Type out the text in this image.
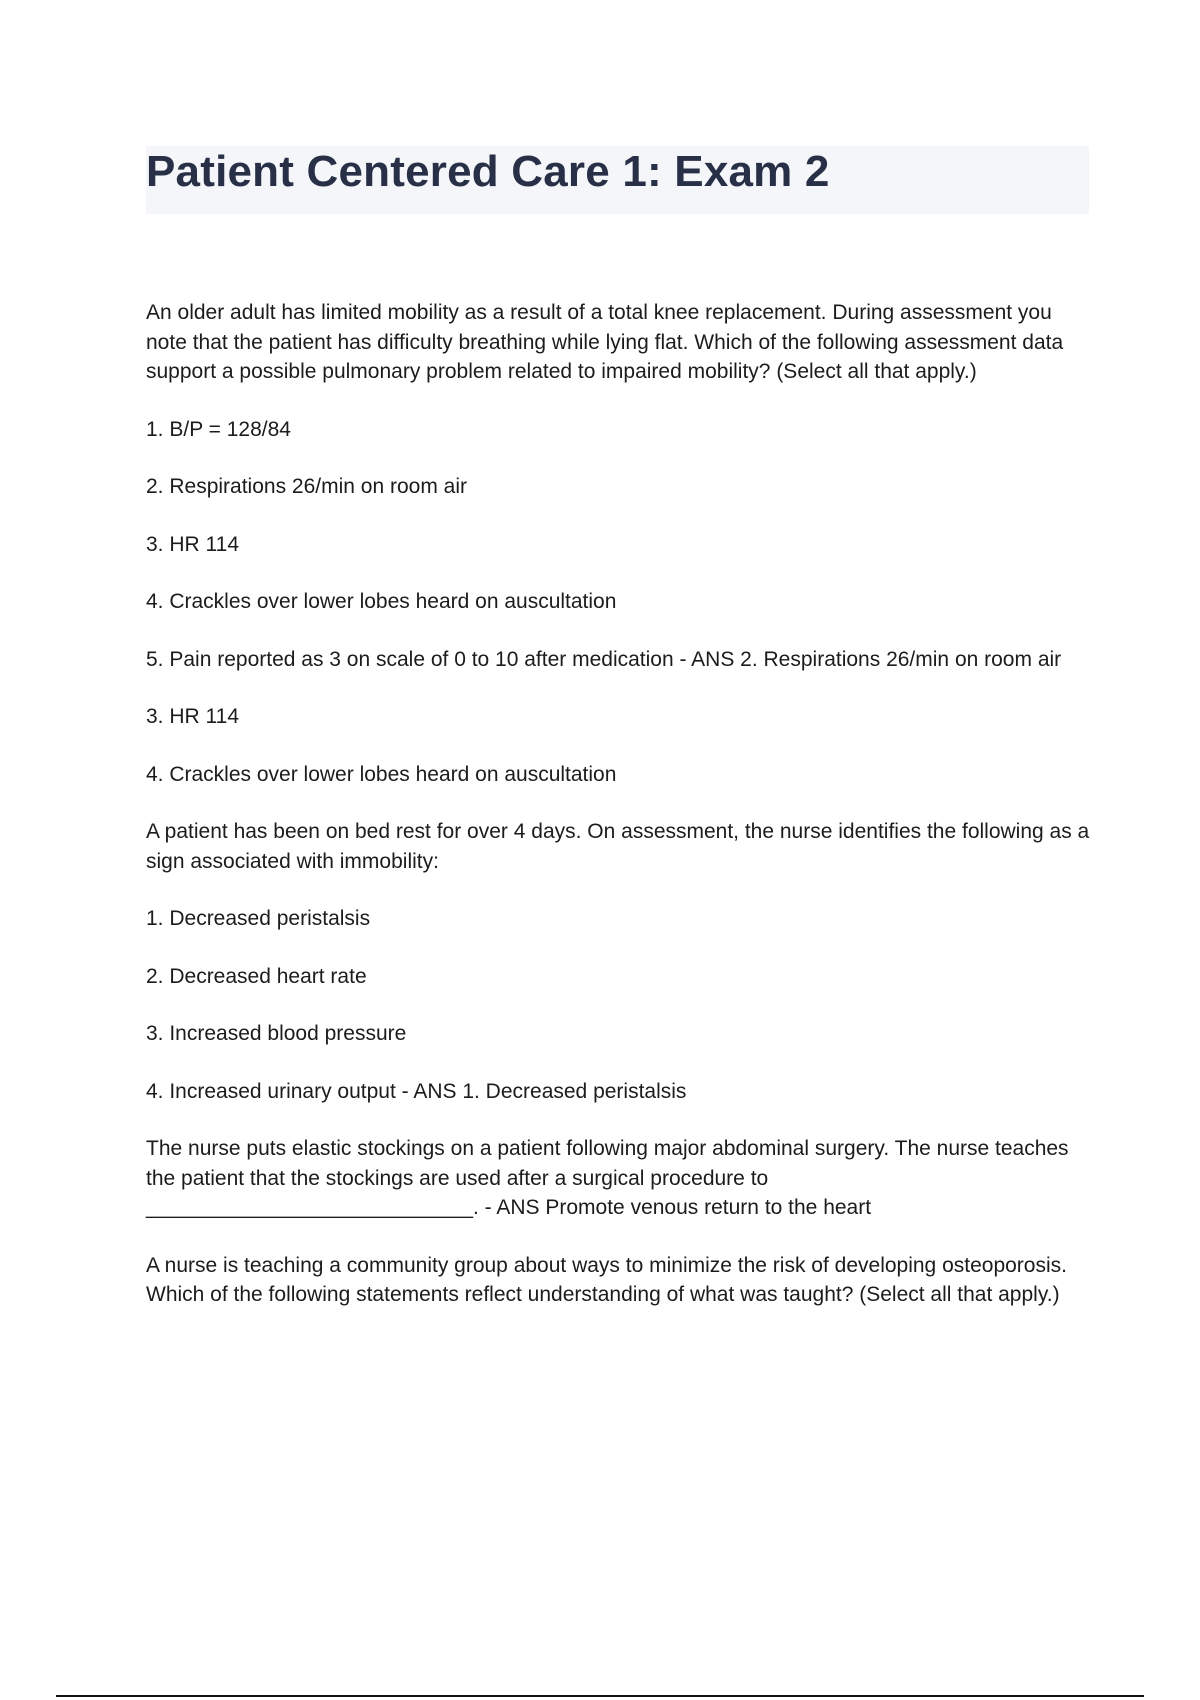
Patient Centered Care 1: Exam 2

An older adult has limited mobility as a result of a total knee replacement. During assessment you note that the patient has difficulty breathing while lying flat. Which of the following assessment data support a possible pulmonary problem related to impaired mobility? (Select all that apply.)

1. B/P = 128/84

2. Respirations 26/min on room air

3. HR 114

4. Crackles over lower lobes heard on auscultation

5. Pain reported as 3 on scale of 0 to 10 after medication - ANS 2. Respirations 26/min on room air

3. HR 114

4. Crackles over lower lobes heard on auscultation

A patient has been on bed rest for over 4 days. On assessment, the nurse identifies the following as a sign associated with immobility:

1. Decreased peristalsis

2. Decreased heart rate

3. Increased blood pressure

4. Increased urinary output - ANS 1. Decreased peristalsis

The nurse puts elastic stockings on a patient following major abdominal surgery. The nurse teaches the patient that the stockings are used after a surgical procedure to ____________________________. - ANS Promote venous return to the heart

A nurse is teaching a community group about ways to minimize the risk of developing osteoporosis. Which of the following statements reflect understanding of what was taught? (Select all that apply.)
